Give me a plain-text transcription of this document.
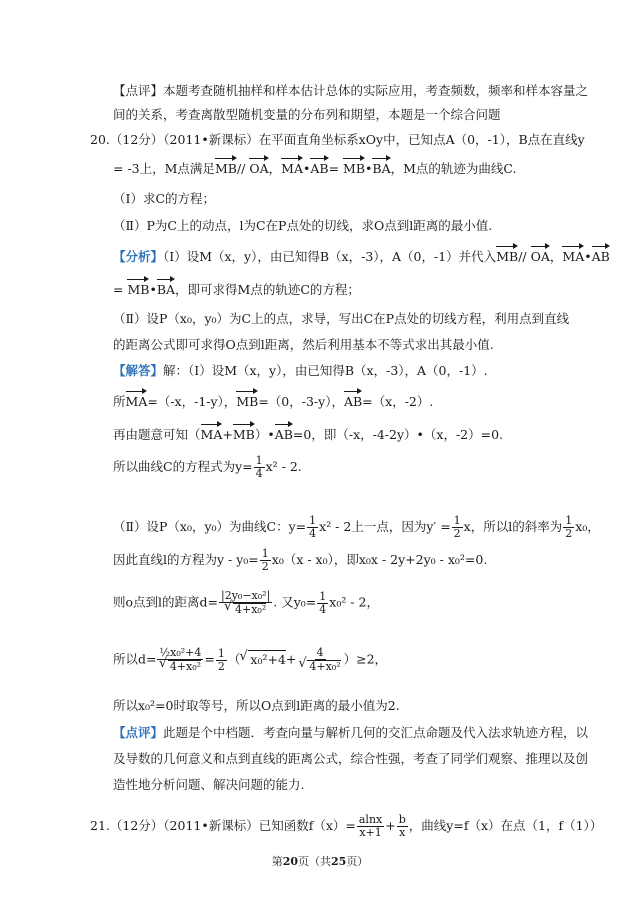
【点评】本题考查随机抽样和样本估计总体的实际应用，考查频数，频率和样本容量之
间的关系，考查离散型随机变量的分布列和期望，本题是一个综合问题
20.（12分）（2011•新课标）在平面直角坐标系xOy中，已知点A（0，-1），B点在直线y
= -3上，M点满足MB// OA，MA•AB= MB•BA，M点的轨迹为曲线C.
（Ⅰ）求C的方程；
（Ⅱ）P为C上的动点，l为C在P点处的切线，求O点到l距离的最小值.
【分析】（Ⅰ）设M（x，y），由已知得B（x，-3），A（0，-1）并代入MB// OA，MA•AB
= MB•BA，即可求得M点的轨迹C的方程；
（Ⅱ）设P（x₀，y₀）为C上的点，求导，写出C在P点处的切线方程，利用点到直线
的距离公式即可求得O点到l距离，然后利用基本不等式求出其最小值.
【解答】解：（Ⅰ）设M（x，y），由已知得B（x，-3），A（0，-1）.
所MA=（-x，-1-y），MB=（0，-3-y），AB=（x，-2）.
再由题意可知（MA+MB）•AB=0，即（-x，-4-2y）•（x，-2）=0.
所以曲线C的方程式为$y= \frac{1}{4} x^2 - 2$.
（Ⅱ）设P（x₀，y₀）为曲线C：$y= \frac{1}{4} x^2 - 2$上一点，因为$y' = \frac{1}{2}$ x，所以l的斜率为 $\frac{1}{2} x_0$，
因此直线l的方程为$y - y_0= \frac{1}{2} x_0(x - x_0)$，即x₀x - 2y+2y₀ - x₀²=0.
则o点到l的距离d= |2y₀−x₀²|
√ 4+x₀² . 又$y_0= \frac{1}{4} x_0^2 - 2$，
所以d= ½x₀²+4
√ $4+x_0^2 = \frac{1}{2}$ （√ x₀²+4+ 4
√ 4+x₀² ）≥2，
所以x₀²=0时取等号，所以O点到l距离的最小值为2.
【点评】此题是个中档题．考查向量与解析几何的交汇点命题及代入法求轨迹方程，以
及导数的几何意义和点到直线的距离公式，综合性强，考查了同学们观察、推理以及创
造性地分析问题、解决问题的能力.
21.（12分）（2011•新课标）已知函数$f(x)= \frac{alnx}{x+1} + \frac{b}{x}$ ，曲线y=f（x）在点（1，f（1））
第20页（共25页）
